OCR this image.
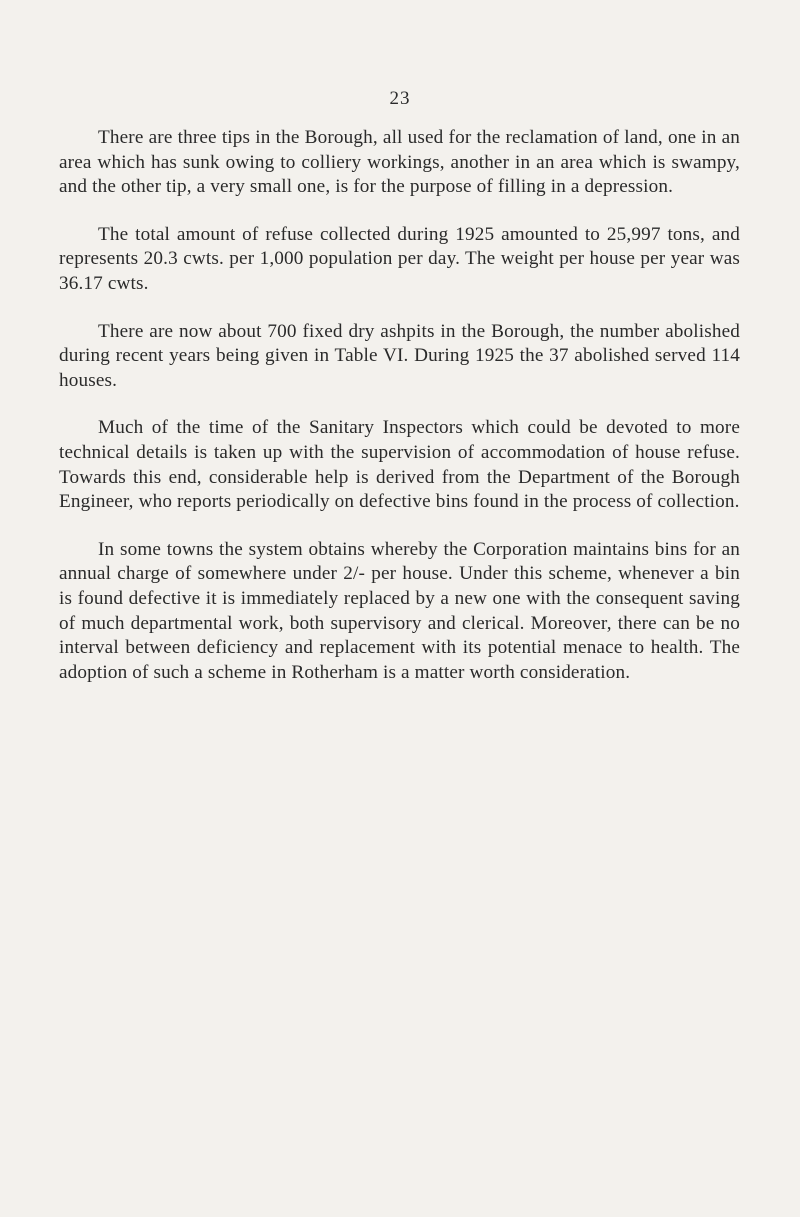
23

There are three tips in the Borough, all used for the reclamation of land, one in an area which has sunk owing to colliery workings, another in an area which is swampy, and the other tip, a very small one, is for the purpose of filling in a depression.

The total amount of refuse collected during 1925 amounted to 25,997 tons, and represents 20.3 cwts. per 1,000 population per day. The weight per house per year was 36.17 cwts.

There are now about 700 fixed dry ashpits in the Borough, the number abolished during recent years being given in Table VI. During 1925 the 37 abolished served 114 houses.

Much of the time of the Sanitary Inspectors which could be devoted to more technical details is taken up with the supervision of accommodation of house refuse. Towards this end, considerable help is derived from the Department of the Borough Engineer, who reports periodically on defective bins found in the process of collection.

In some towns the system obtains whereby the Corporation maintains bins for an annual charge of somewhere under 2/- per house. Under this scheme, whenever a bin is found defective it is immediately replaced by a new one with the consequent saving of much departmental work, both supervisory and clerical. Moreover, there can be no interval between deficiency and replacement with its potential menace to health. The adoption of such a scheme in Rotherham is a matter worth consideration.
